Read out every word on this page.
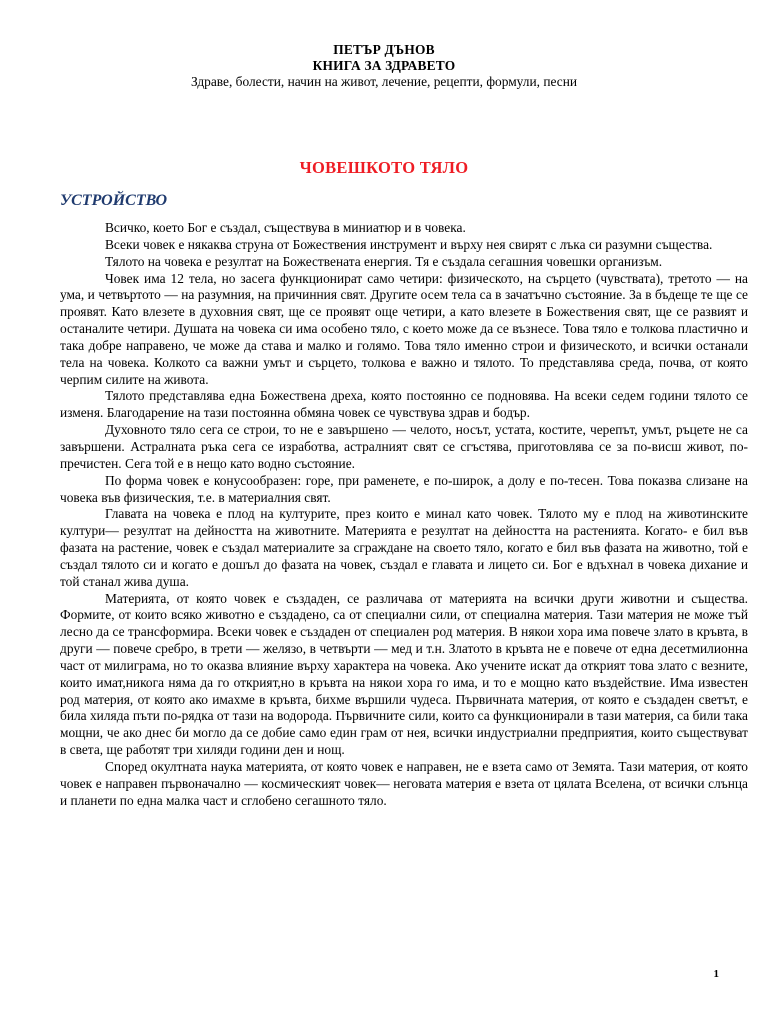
ПЕТЪР ДЪНОВ
КНИГА ЗА ЗДРАВЕТО
Здраве, болести, начин на живот, лечение, рецепти, формули, песни
ЧОВЕШКОТО ТЯЛО
УСТРОЙСТВО

Всичко, което Бог е създал, съществува в миниатюр и в човека.

Всеки човек е някаква струна от Божествения инструмент и върху нея свирят с лъка си разумни същества.

Тялото на човека е резултат на Божествената енергия. Тя е създала сегашния човешки организъм.

Човек има 12 тела, но засега функционират само четири: физическото, на сърцето (чувствата), третото — на ума, и четвъртото — на разумния, на причинния свят. Другите осем тела са в зачатъчно състояние. За в бъдеще те ще се проявят. Като влезете в духовния свят, ще се проявят още четири, а като влезете в Божествения свят, ще се развият и останалите четири. Душата на човека си има особено тяло, с което може да се възнесе. Това тяло е толкова пластично и така добре направено, че може да става и малко и голямо. Това тяло именно строи и физическото, и всички останали тела на човека. Колкото са важни умът и сърцето, толкова е важно и тялото. То представлява среда, почва, от която черпим силите на живота.

Тялото представлява една Божествена дреха, която постоянно се подновява. На всеки седем години тялото се изменя. Благодарение на тази постоянна обмяна човек се чувствува здрав и бодър.

Духовното тяло сега се строи, то не е завършено — челото, носът, устата, костите, черепът, умът, ръцете не са завършени. Астралната ръка сега се изработва, астралният свят се сгъстява, приготовлява се за по-висш живот, по-пречистен. Сега той е в нещо като водно състояние.

По форма човек е конусообразен: горе, при раменете, е по-широк, а долу е по-тесен. Това показва слизане на човека във физическия, т.е. в материалния свят.

Главата на човека е плод на културите, през които е минал като човек. Тялото му е плод на животинските култури— резултат на дейността на животните. Материята е резултат на дейността на растенията. Когато- е бил във фазата на растение, човек е създал материалите за сграждане на своето тяло, когато е бил във фазата на животно, той е създал тялото си и когато е дошъл до фазата на човек, създал е главата и лицето си. Бог е вдъхнал в човека дихание и той станал жива душа.

Материята, от която човек е създаден, се различава от материята на всички други животни и същества. Формите, от които всяко животно е създадено, са от специални сили, от специална материя. Тази материя не може тъй лесно да се трансформира. Всеки човек е създаден от специален род материя. В някои хора има повече злато в кръвта, в други — повече сребро, в трети — желязо, в четвърти — мед и т.н. Златото в кръвта не е повече от една десетмилионна част от милиграма, но то оказва влияние върху характера на човека. Ако учените искат да открият това злато с везните, които имат,никога няма да го открият,но в кръвта на някои хора го има, и то е мощно като въздействие. Има известен род материя, от която ако имахме в кръвта, бихме вършили чудеса. Първичната материя, от която е създаден светът, е била хиляда пъти по-рядка от тази на водорода. Първичните сили, които са функционирали в тази материя, са били така мощни, че ако днес би могло да се добие само един грам от нея, всички индустриални предприятия, които съществуват в света, ще работят три хиляди години ден и нощ.

Според окултната наука материята, от която човек е направен, не е взета само от Земята. Тази материя, от която човек е направен първоначално — космическият човек— неговата материя е взета от цялата Вселена, от всички слънца и планети по една малка част и сглобено сегашното тяло.

1
